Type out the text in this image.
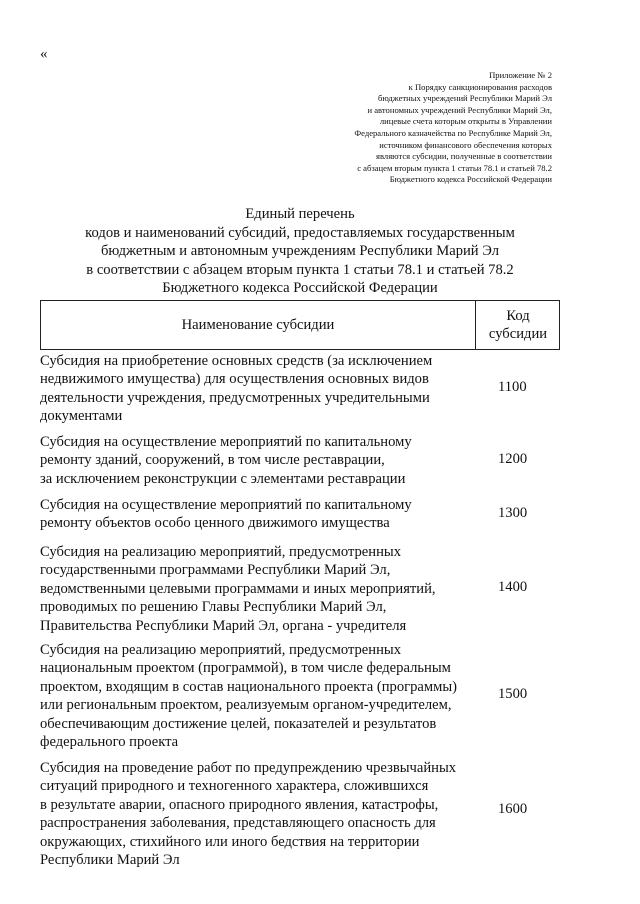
«
Приложение № 2
к Порядку санкционирования расходов
бюджетных учреждений Республики Марий Эл
и автономных учреждений Республики Марий Эл,
лицевые счета которым открыты в Управлении
Федерального казначейства по Республике Марий Эл,
источником финансового обеспечения которых
являются субсидии, полученные в соответствии
с абзацем вторым пункта 1 статьи 78.1 и статьей 78.2
Бюджетного кодекса Российской Федерации
Единый перечень
кодов и наименований субсидий, предоставляемых государственным
бюджетным и автономным учреждениям Республики Марий Эл
в соответствии с абзацем вторым пункта 1 статьи 78.1 и статьей 78.2
Бюджетного кодекса Российской Федерации
Наименование субсидии
Код
субсидии
Субсидия на приобретение основных средств (за исключением
недвижимого имущества) для осуществления основных видов
деятельности учреждения, предусмотренных учредительными
документами
1100
Субсидия на осуществление мероприятий по капитальному
ремонту зданий, сооружений, в том числе реставрации,
за исключением реконструкции с элементами реставрации
1200
Субсидия на осуществление мероприятий по капитальному
ремонту объектов особо ценного движимого имущества
1300
Субсидия на реализацию мероприятий, предусмотренных
государственными программами Республики Марий Эл,
ведомственными целевыми программами и иных мероприятий,
проводимых по решению Главы Республики Марий Эл,
Правительства Республики Марий Эл, органа - учредителя
1400
Субсидия на реализацию мероприятий, предусмотренных
национальным проектом (программой), в том числе федеральным
проектом, входящим в состав национального проекта (программы)
или региональным проектом, реализуемым органом-учредителем,
обеспечивающим достижение целей, показателей и результатов
федерального проекта
1500
Субсидия на проведение работ по предупреждению чрезвычайных
ситуаций природного и техногенного характера, сложившихся
в результате аварии, опасного природного явления, катастрофы,
распространения заболевания, представляющего опасность для
окружающих, стихийного или иного бедствия на территории
Республики Марий Эл
1600
